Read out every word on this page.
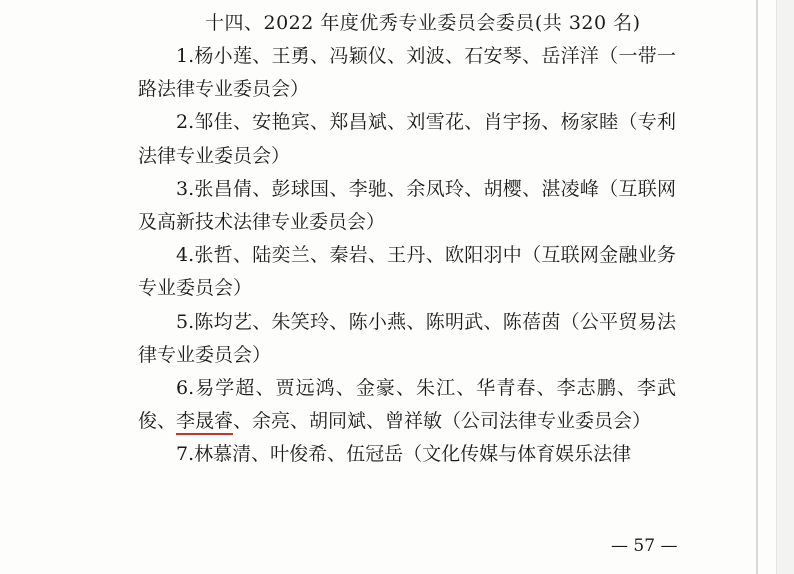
十四、2022 年度优秀专业委员会委员(共 320 名)

1.杨小莲、王勇、冯颖仪、刘波、石安琴、岳洋洋（一带一路法律专业委员会）

2.邹佳、安艳宾、郑昌斌、刘雪花、肖宇扬、杨家睦（专利法律专业委员会）

3.张昌倩、彭球国、李驰、余凤玲、胡樱、湛凌峰（互联网及高新技术法律专业委员会）

4.张哲、陆奕兰、秦岩、王丹、欧阳羽中（互联网金融业务专业委员会）

5.陈均艺、朱笑玲、陈小燕、陈明武、陈蓓茵（公平贸易法律专业委员会）

6.易学超、贾远鸿、金豪、朱江、华青春、李志鹏、李武俊、李晟睿、余亮、胡同斌、曾祥敏（公司法律专业委员会）

7.林慕清、叶俊希、伍冠岳（文化传媒与体育娱乐法律

— 57 —
